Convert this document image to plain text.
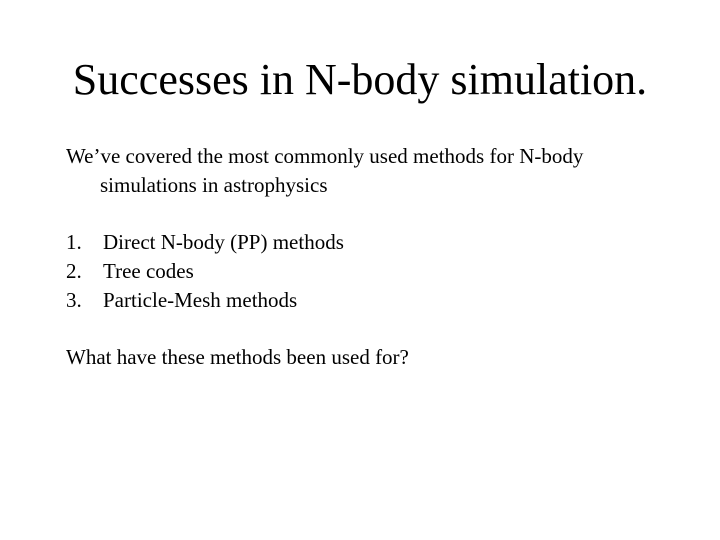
Successes in N-body simulation.
We’ve covered the most commonly used methods for N-body
simulations in astrophysics
1.	Direct N-body (PP) methods
2.	Tree codes
3.	Particle-Mesh methods
What have these methods been used for?
